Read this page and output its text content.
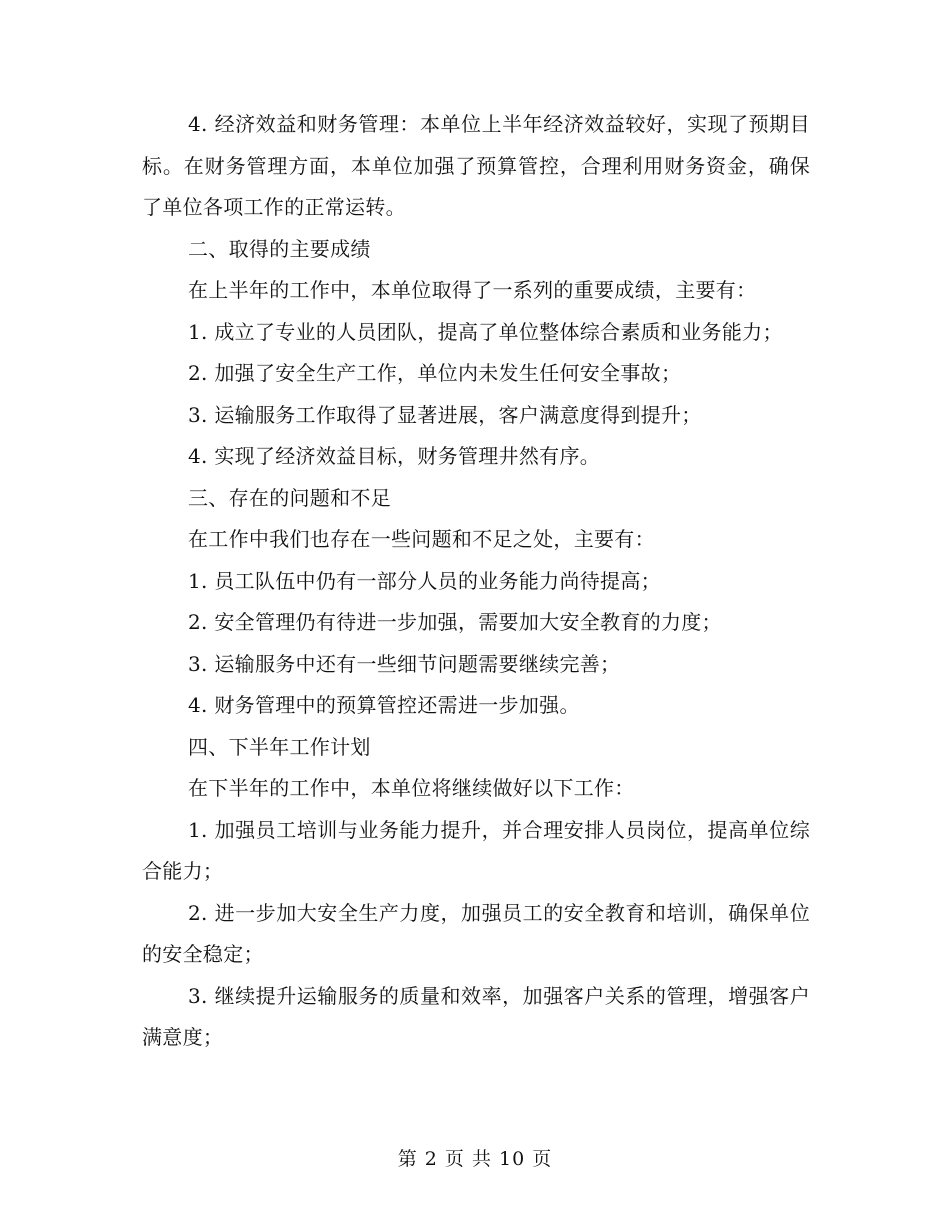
4. 经济效益和财务管理：本单位上半年经济效益较好，实现了预期目标。在财务管理方面，本单位加强了预算管控，合理利用财务资金，确保了单位各项工作的正常运转。

二、取得的主要成绩

在上半年的工作中，本单位取得了一系列的重要成绩，主要有：

1. 成立了专业的人员团队，提高了单位整体综合素质和业务能力；

2. 加强了安全生产工作，单位内未发生任何安全事故；

3. 运输服务工作取得了显著进展，客户满意度得到提升；

4. 实现了经济效益目标，财务管理井然有序。

三、存在的问题和不足

在工作中我们也存在一些问题和不足之处，主要有：

1. 员工队伍中仍有一部分人员的业务能力尚待提高；

2. 安全管理仍有待进一步加强，需要加大安全教育的力度；

3. 运输服务中还有一些细节问题需要继续完善；

4. 财务管理中的预算管控还需进一步加强。

四、下半年工作计划

在下半年的工作中，本单位将继续做好以下工作：

1. 加强员工培训与业务能力提升，并合理安排人员岗位，提高单位综合能力；

2. 进一步加大安全生产力度，加强员工的安全教育和培训，确保单位的安全稳定；

3. 继续提升运输服务的质量和效率，加强客户关系的管理，增强客户满意度；

第 2 页 共 10 页
